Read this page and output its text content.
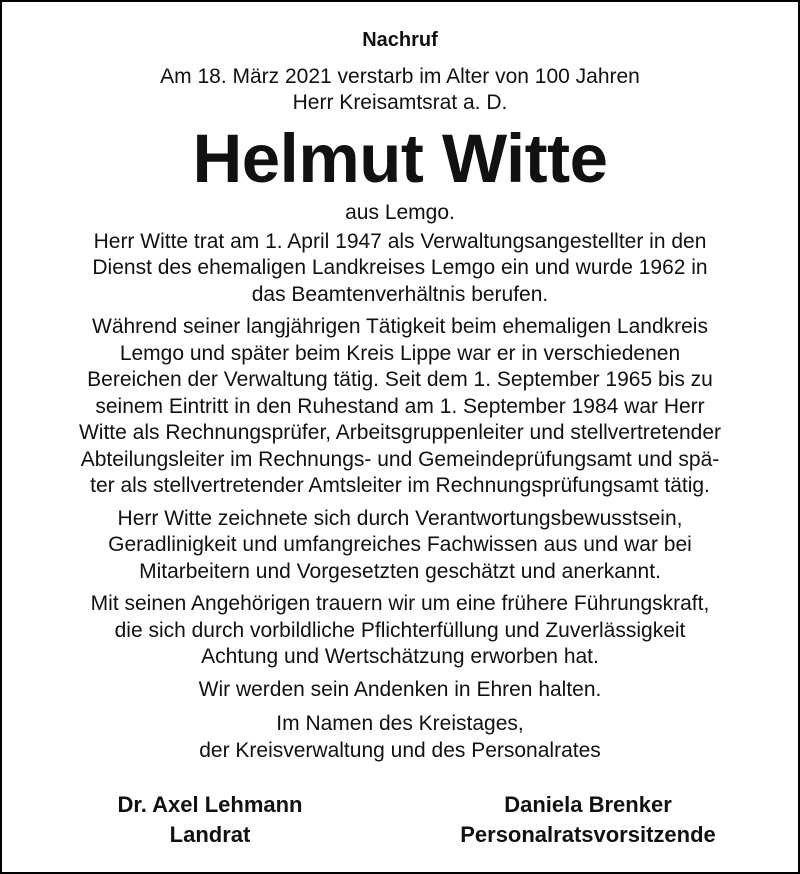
Nachruf
Am 18. März 2021 verstarb im Alter von 100 Jahren
Herr Kreisamtsrat a. D.
Helmut Witte
aus Lemgo.
Herr Witte trat am 1. April 1947 als Verwaltungsangestellter in den
Dienst des ehemaligen Landkreises Lemgo ein und wurde 1962 in
das Beamtenverhältnis berufen.
Während seiner langjährigen Tätigkeit beim ehemaligen Landkreis
Lemgo und später beim Kreis Lippe war er in verschiedenen
Bereichen der Verwaltung tätig. Seit dem 1. September 1965 bis zu
seinem Eintritt in den Ruhestand am 1. September 1984 war Herr
Witte als Rechnungsprüfer, Arbeitsgruppenleiter und stellvertretender
Abteilungsleiter im Rechnungs- und Gemeindeprüfungsamt und spä-
ter als stellvertretender Amtsleiter im Rechnungsprüfungsamt tätig.
Herr Witte zeichnete sich durch Verantwortungsbewusstsein,
Geradlinigkeit und umfangreiches Fachwissen aus und war bei
Mitarbeitern und Vorgesetzten geschätzt und anerkannt.
Mit seinen Angehörigen trauern wir um eine frühere Führungskraft,
die sich durch vorbildliche Pflichterfüllung und Zuverlässigkeit
Achtung und Wertschätzung erworben hat.
Wir werden sein Andenken in Ehren halten.
Im Namen des Kreistages,
der Kreisverwaltung und des Personalrates
Dr. Axel Lehmann
Landrat
Daniela Brenker
Personalratsvorsitzende
